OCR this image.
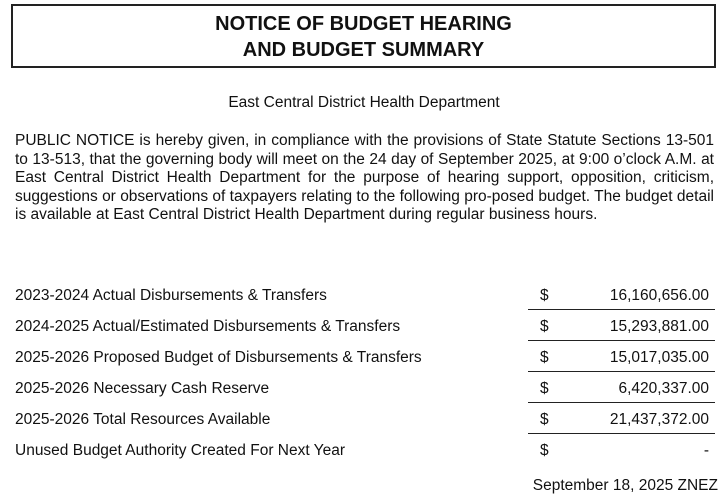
NOTICE OF BUDGET HEARING
AND BUDGET SUMMARY
East Central District Health Department

PUBLIC NOTICE is hereby given, in compliance with the provisions of State Statute Sections 13-501 to 13-513, that the governing body will meet on the 24 day of September 2025, at 9:00 o’clock A.M. at East Central District Health Department for the purpose of hearing support, opposition, criticism, suggestions or observations of taxpayers relating to the following pro-posed budget. The budget detail is available at East Central District Health Department during regular business hours.

2023-2024 Actual Disbursements & Transfers	$	16,160,656.00
2024-2025 Actual/Estimated Disbursements & Transfers	$	15,293,881.00
2025-2026 Proposed Budget of Disbursements & Transfers	$	15,017,035.00
2025-2026 Necessary Cash Reserve	$	6,420,337.00
2025-2026 Total Resources Available	$	21,437,372.00
Unused Budget Authority Created For Next Year	$	-
September 18, 2025 ZNEZ
